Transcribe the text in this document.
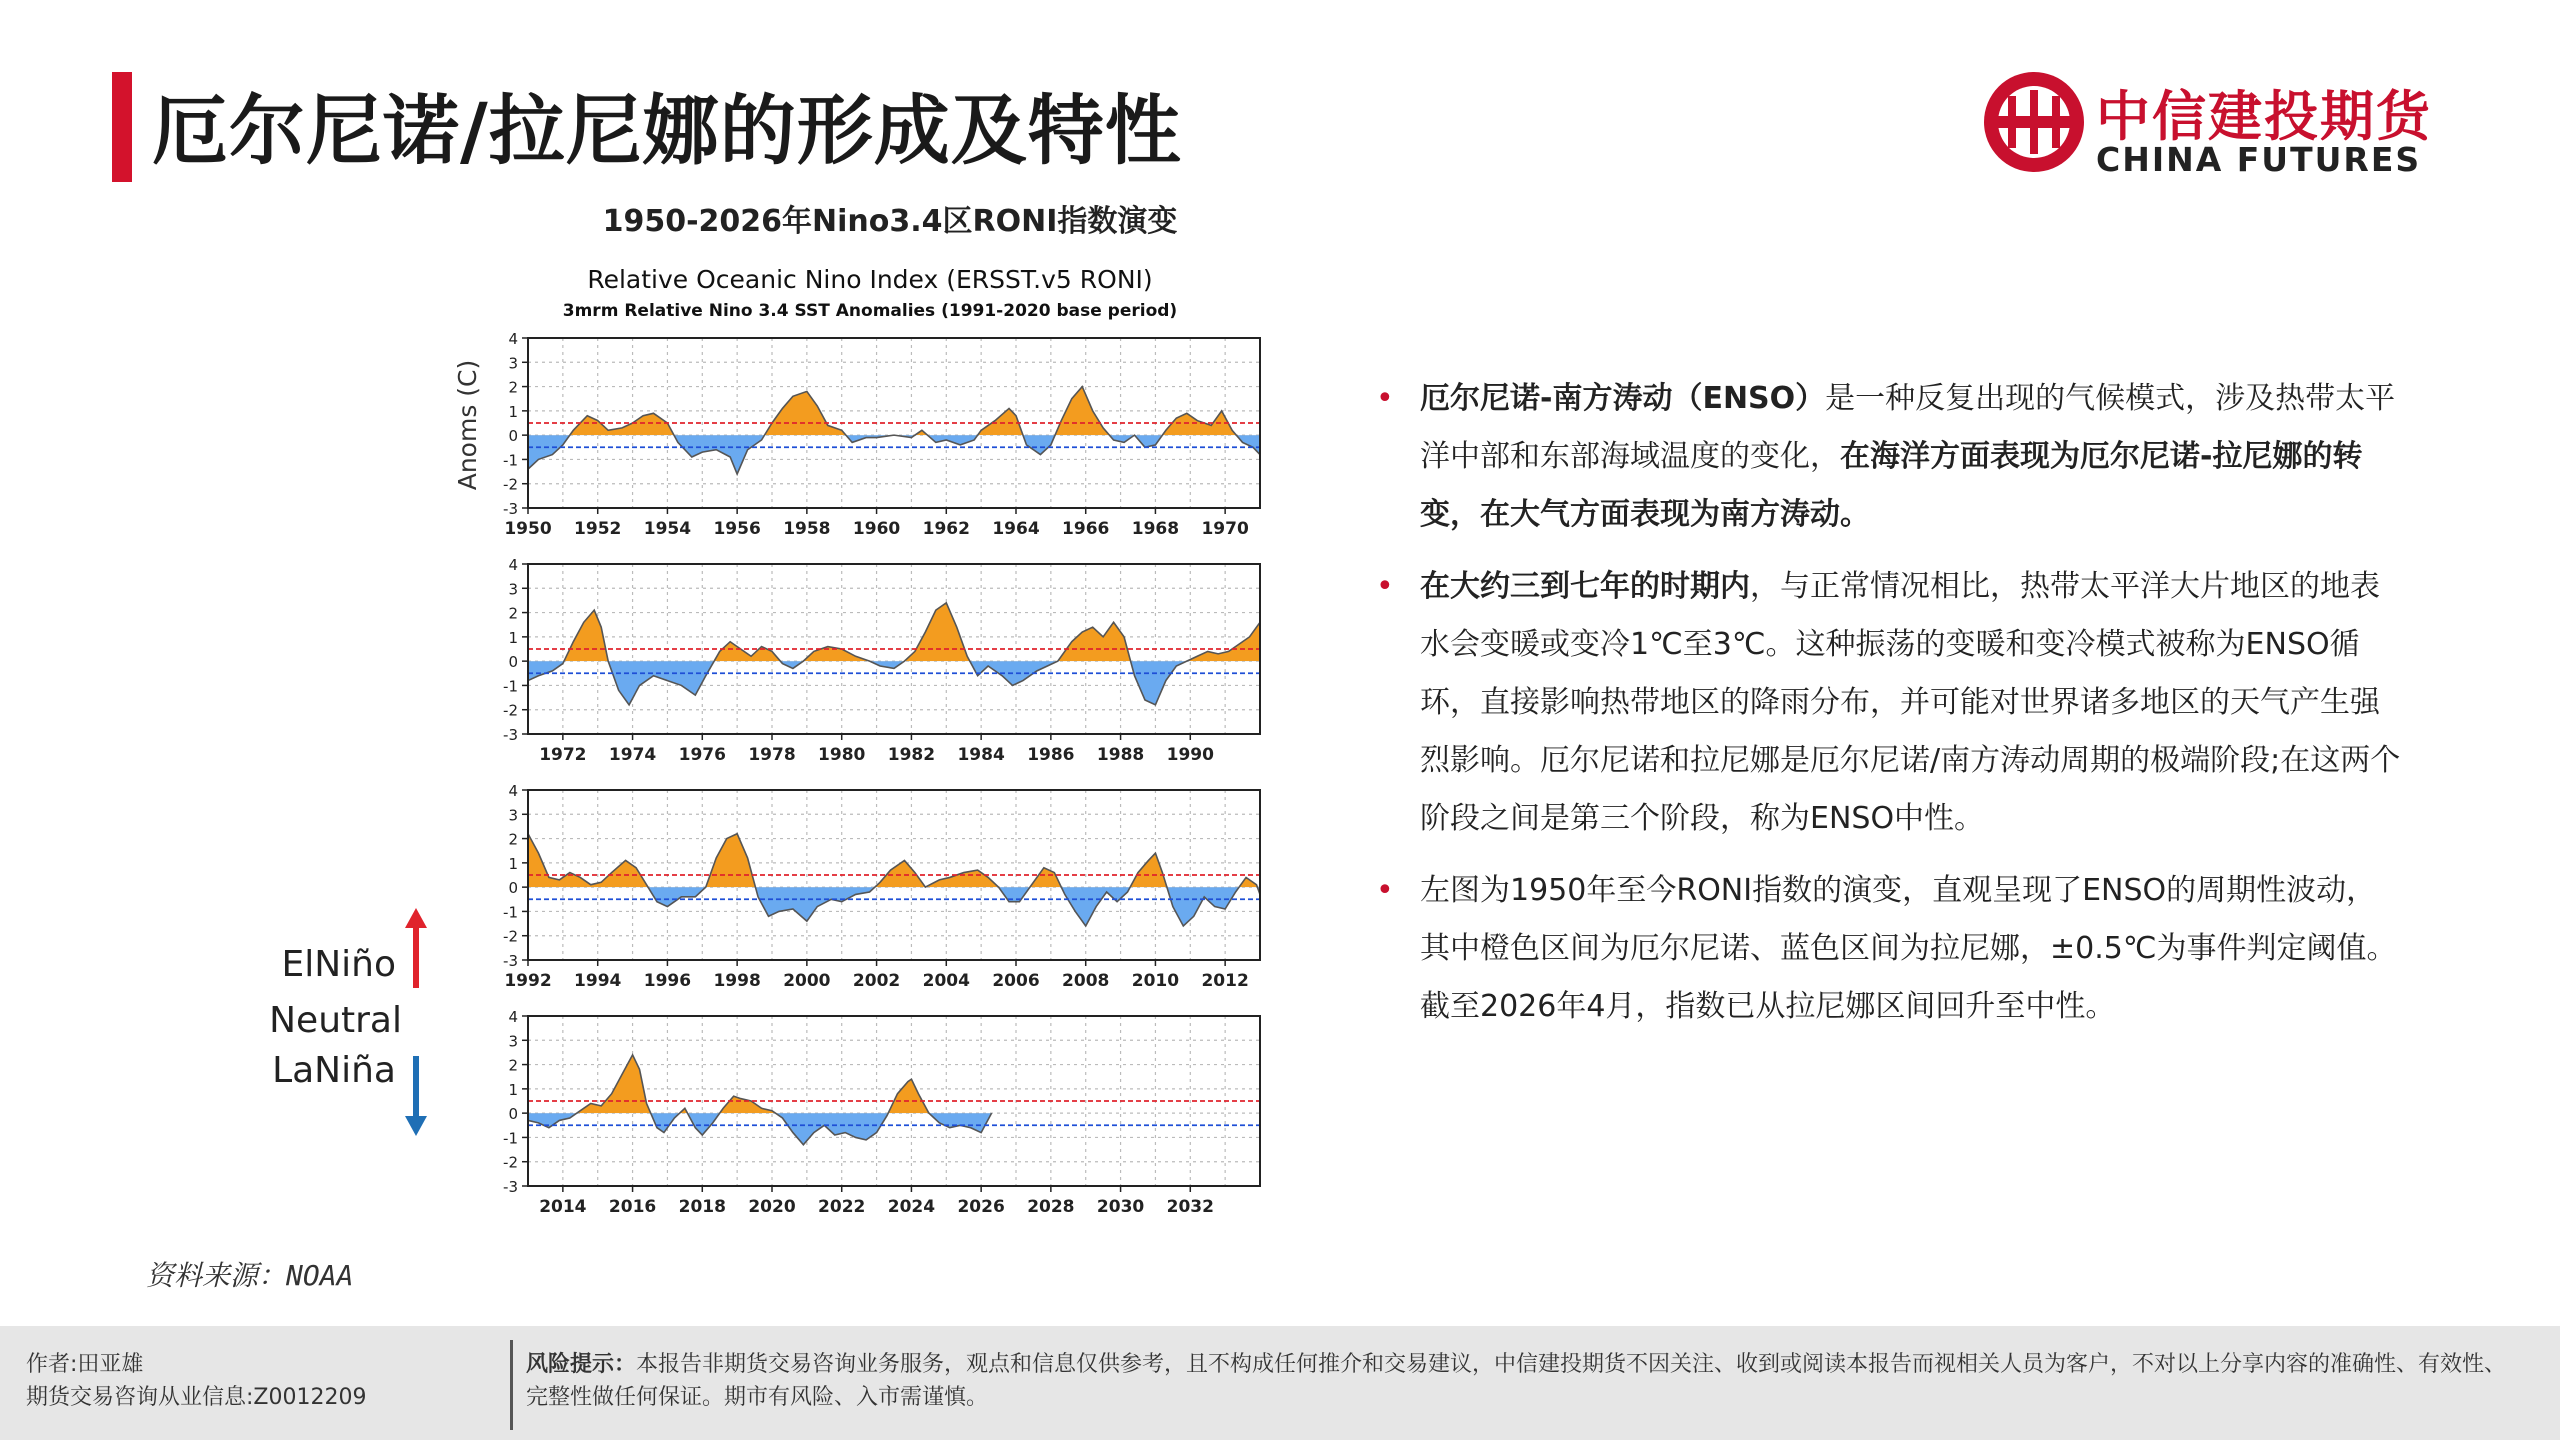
厄尔尼诺/拉尼娜的形成及特性	中信建投期货
CHINA FUTURES
1950-2026年Nino3.4区RONI指数演变
Relative Oceanic Nino Index (ERSST.v5 RONI)
3mrm Relative Nino 3.4 SST Anomalies (1991-2020 base period)
Anoms (C)
4
3
2
1
0
-1
-2
-3
1950 1952 1954 1956 1958 1960 1962 1964 1966 1968 1970
4
3
2
1
0
-1
-2
-3
1972 1974 1976 1978 1980 1982 1984 1986 1988 1990
4
3
2
1
0
-1
-2
-3
1992 1994 1996 1998 2000 2002 2004 2006 2008 2010 2012
4
3
2
1
0
-1
-2
-3
2014 2016 2018 2020 2022 2024 2026 2028 2030 2032
ElNiño
Neutral
LaNiña
资料来源：NOAA
• 厄尔尼诺-南方涛动（ENSO）是一种反复出现的气候模式，涉及热带太平洋中部和东部海域温度的变化，在海洋方面表现为厄尔尼诺-拉尼娜的转变，在大气方面表现为南方涛动。
• 在大约三到七年的时期内，与正常情况相比，热带太平洋大片地区的地表水会变暖或变冷1℃至3℃。这种振荡的变暖和变冷模式被称为ENSO循环，直接影响热带地区的降雨分布，并可能对世界诸多地区的天气产生强烈影响。厄尔尼诺和拉尼娜是厄尔尼诺/南方涛动周期的极端阶段;在这两个阶段之间是第三个阶段，称为ENSO中性。
• 左图为1950年至今RONI指数的演变，直观呈现了ENSO的周期性波动，其中橙色区间为厄尔尼诺、蓝色区间为拉尼娜，±0.5℃为事件判定阈值。截至2026年4月，指数已从拉尼娜区间回升至中性。
作者:田亚雄
期货交易咨询从业信息:Z0012209
风险提示：本报告非期货交易咨询业务服务，观点和信息仅供参考，且不构成任何推介和交易建议，中信建投期货不因关注、收到或阅读本报告而视相关人员为客户，不对以上分享内容的准确性、有效性、完整性做任何保证。期市有风险、入市需谨慎。
